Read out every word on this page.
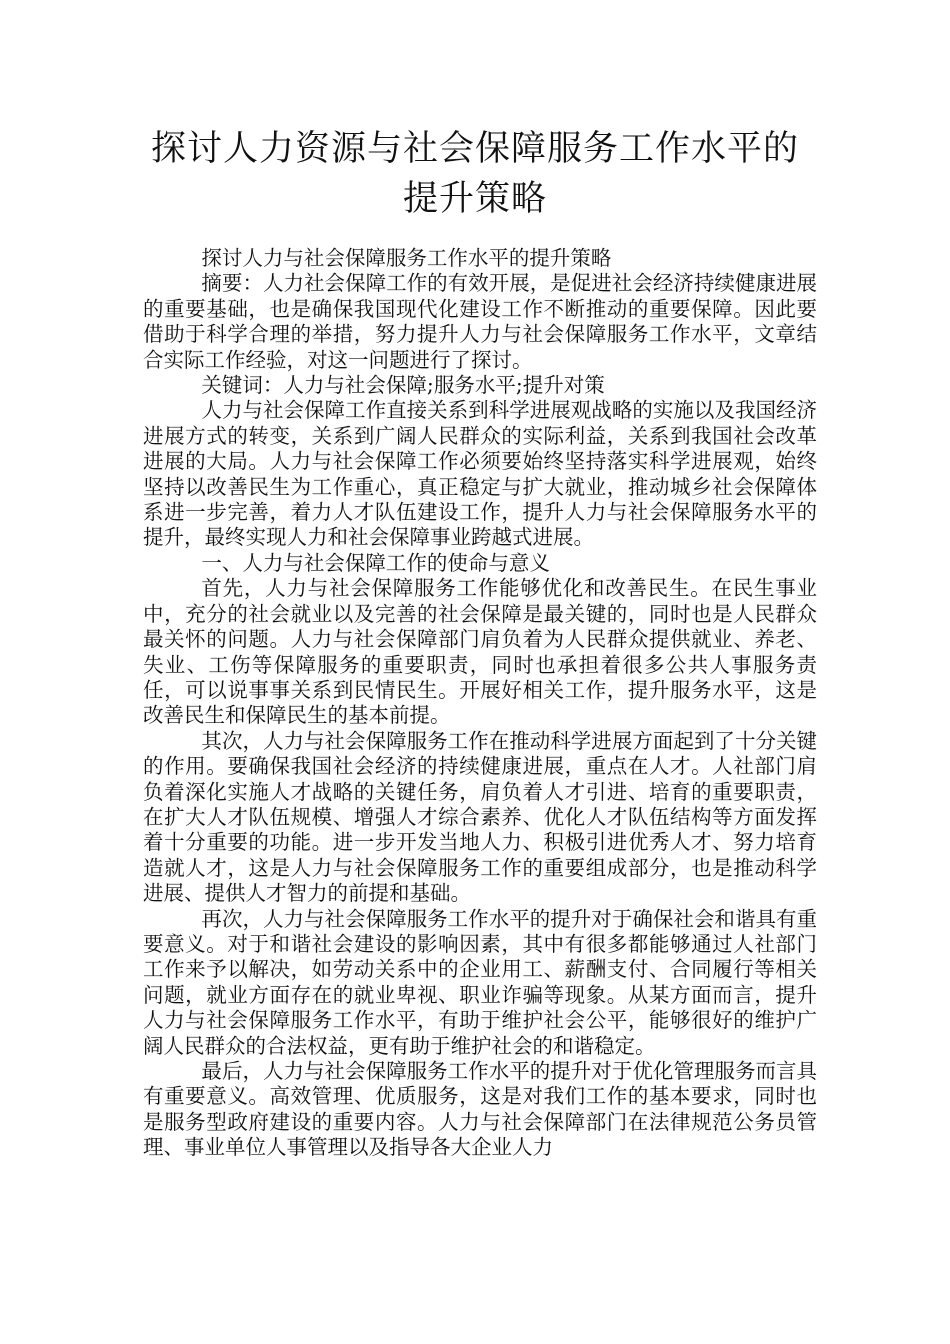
探讨人力资源与社会保障服务工作水平的
提升策略

探讨人力与社会保障服务工作水平的提升策略

摘要：人力社会保障工作的有效开展，是促进社会经济持续健康进展的重要基础，也是确保我国现代化建设工作不断推动的重要保障。因此要借助于科学合理的举措，努力提升人力与社会保障服务工作水平，文章结合实际工作经验，对这一问题进行了探讨。

关键词：人力与社会保障;服务水平;提升对策

人力与社会保障工作直接关系到科学进展观战略的实施以及我国经济进展方式的转变，关系到广阔人民群众的实际利益，关系到我国社会改革进展的大局。人力与社会保障工作必须要始终坚持落实科学进展观，始终坚持以改善民生为工作重心，真正稳定与扩大就业，推动城乡社会保障体系进一步完善，着力人才队伍建设工作，提升人力与社会保障服务水平的提升，最终实现人力和社会保障事业跨越式进展。

一、人力与社会保障工作的使命与意义

首先，人力与社会保障服务工作能够优化和改善民生。在民生事业中，充分的社会就业以及完善的社会保障是最关键的，同时也是人民群众最关怀的问题。人力与社会保障部门肩负着为人民群众提供就业、养老、失业、工伤等保障服务的重要职责，同时也承担着很多公共人事服务责任，可以说事事关系到民情民生。开展好相关工作，提升服务水平，这是改善民生和保障民生的基本前提。

其次，人力与社会保障服务工作在推动科学进展方面起到了十分关键的作用。要确保我国社会经济的持续健康进展，重点在人才。人社部门肩负着深化实施人才战略的关键任务，肩负着人才引进、培育的重要职责，在扩大人才队伍规模、增强人才综合素养、优化人才队伍结构等方面发挥着十分重要的功能。进一步开发当地人力、积极引进优秀人才、努力培育造就人才，这是人力与社会保障服务工作的重要组成部分，也是推动科学进展、提供人才智力的前提和基础。

再次，人力与社会保障服务工作水平的提升对于确保社会和谐具有重要意义。对于和谐社会建设的影响因素，其中有很多都能够通过人社部门工作来予以解决，如劳动关系中的企业用工、薪酬支付、合同履行等相关问题，就业方面存在的就业卑视、职业诈骗等现象。从某方面而言，提升人力与社会保障服务工作水平，有助于维护社会公平，能够很好的维护广阔人民群众的合法权益，更有助于维护社会的和谐稳定。

最后，人力与社会保障服务工作水平的提升对于优化管理服务而言具有重要意义。高效管理、优质服务，这是对我们工作的基本要求，同时也是服务型政府建设的重要内容。人力与社会保障部门在法律规范公务员管理、事业单位人事管理以及指导各大企业人力
